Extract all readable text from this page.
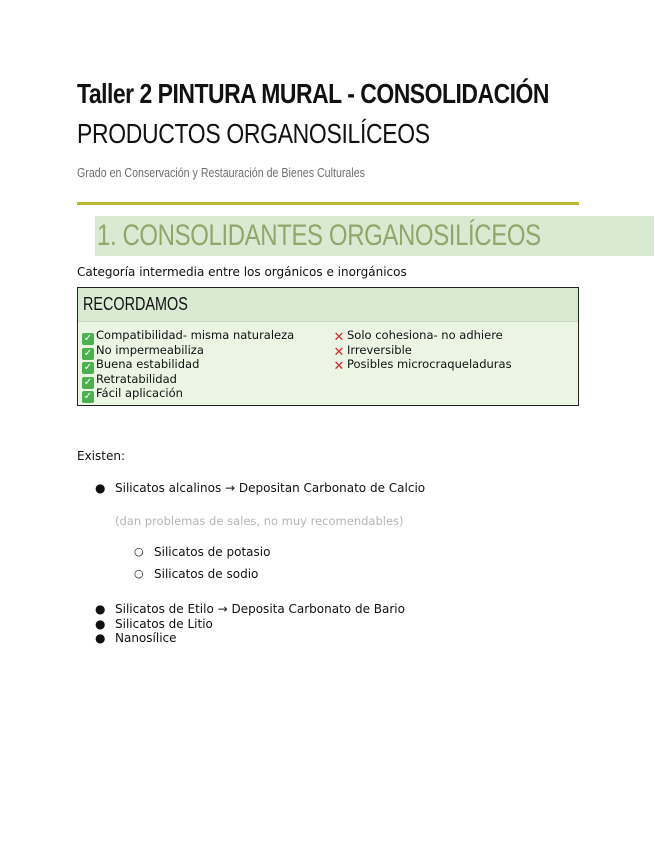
Taller 2 PINTURA MURAL - CONSOLIDACIÓN
PRODUCTOS ORGANOSILÍCEOS
Grado en Conservación y Restauración de Bienes Culturales
1. CONSOLIDANTES ORGANOSILÍCEOS
Categoría intermedia entre los orgánicos e inorgánicos
RECORDAMOS
✓ Compatibilidad- misma naturaleza
✓ No impermeabiliza
✓ Buena estabilidad
✓ Retratabilidad
✓ Fácil aplicación
✕ Solo cohesiona- no adhiere
✕ Irreversible
✕ Posibles microcraqueladuras
Existen:
● Silicatos alcalinos → Depositan Carbonato de Calcio
(dan problemas de sales, no muy recomendables)
○ Silicatos de potasio
○ Silicatos de sodio
● Silicatos de Etilo → Deposita Carbonato de Bario
● Silicatos de Litio
● Nanosílice
